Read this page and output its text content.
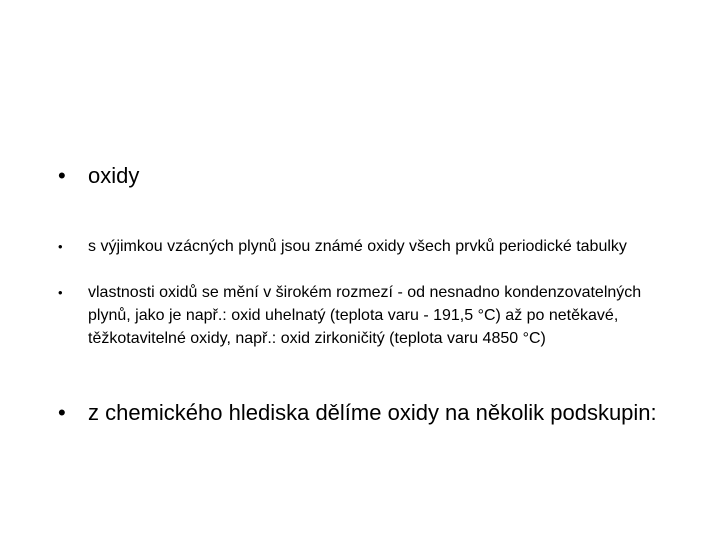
•	oxidy
•	s výjimkou vzácných plynů jsou známé oxidy všech prvků periodické tabulky
•	vlastnosti oxidů se mění v širokém rozmezí - od nesnadno kondenzovatelných plynů, jako je např.: oxid uhelnatý (teplota varu - 191,5 °C) až po netěkavé, těžkotavitelné oxidy, např.: oxid zirkoničitý (teplota varu 4850 °C)
•	z chemického hlediska dělíme oxidy na několik podskupin:
